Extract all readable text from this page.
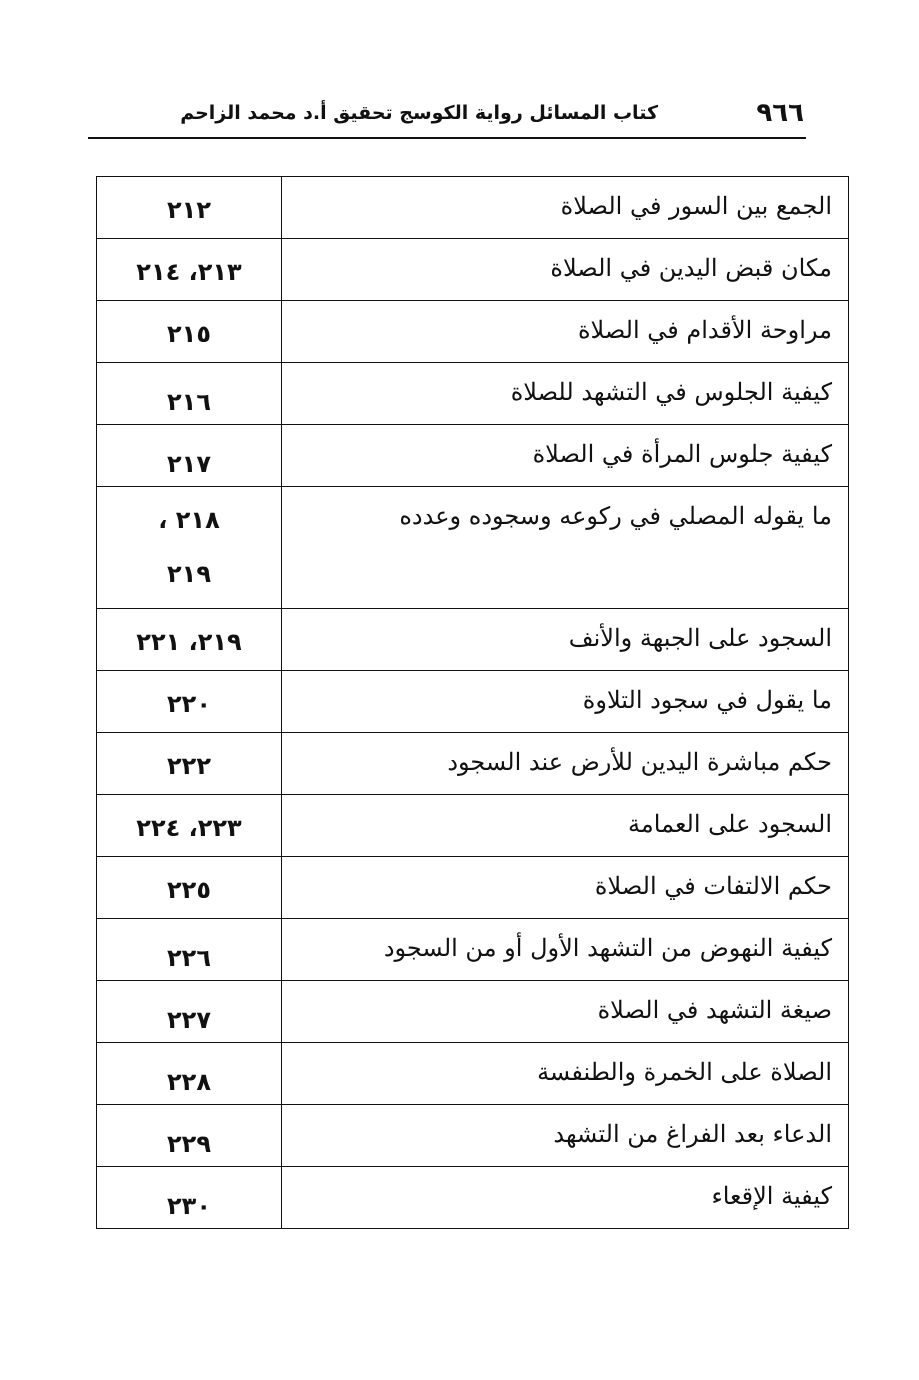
٩٦٦
كتاب المسائل رواية الكوسج تحقيق أ.د محمد الزاحم
الجمع بين السور في الصلاة	٢١٢
مكان قبض اليدين في الصلاة	٢١٣، ٢١٤
مراوحة الأقدام في الصلاة	٢١٥
كيفية الجلوس في التشهد للصلاة	٢١٦
كيفية جلوس المرأة في الصلاة	٢١٧
ما يقوله المصلي في ركوعه وسجوده وعدده	٢١٨ ،
٢١٩

السجود على الجبهة والأنف	٢١٩، ٢٢١
ما يقول في سجود التلاوة	٢٢٠
حكم مباشرة اليدين للأرض عند السجود	٢٢٢
السجود على العمامة	٢٢٣، ٢٢٤
حكم الالتفات في الصلاة	٢٢٥
كيفية النهوض من التشهد الأول أو من السجود	٢٢٦
صيغة التشهد في الصلاة	٢٢٧
الصلاة على الخمرة والطنفسة	٢٢٨
الدعاء بعد الفراغ من التشهد	٢٢٩
كيفية الإقعاء	٢٣٠
